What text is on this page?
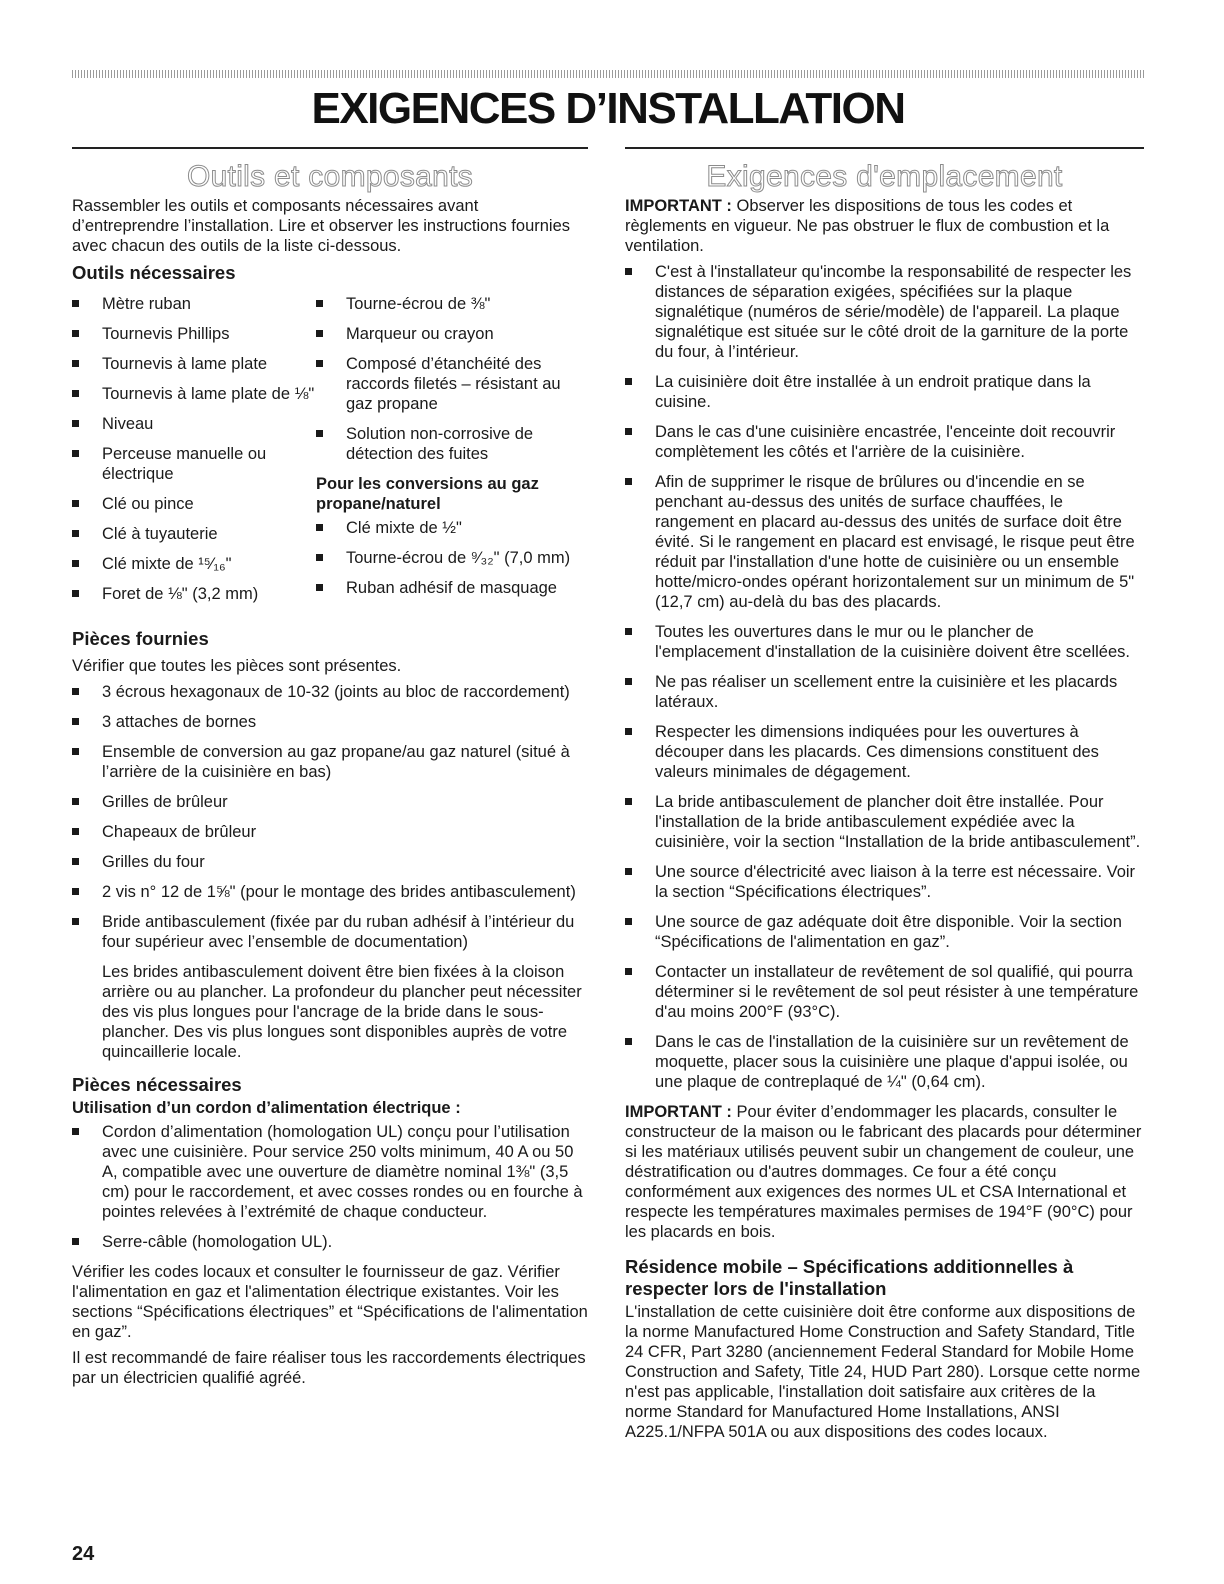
EXIGENCES D’INSTALLATION
Outils et composants

Rassembler les outils et composants nécessaires avant d’entreprendre l’installation. Lire et observer les instructions fournies avec chacun des outils de la liste ci-dessous.

Outils nécessaires
Mètre ruban
Tournevis Phillips
Tournevis à lame plate
Tournevis à lame plate de ⅛"
Niveau
Perceuse manuelle ou électrique
Clé ou pince
Clé à tuyauterie
Clé mixte de ¹⁵⁄₁₆"
Foret de ⅛" (3,2 mm)
Tourne-écrou de ⅜"
Marqueur ou crayon
Composé d’étanchéité des raccords filetés – résistant au gaz propane
Solution non-corrosive de détection des fuites
Pour les conversions au gaz propane/naturel
Clé mixte de ½"
Tourne-écrou de ⁹⁄₃₂" (7,0 mm)
Ruban adhésif de masquage
Pièces fournies

Vérifier que toutes les pièces sont présentes.

3 écrous hexagonaux de 10-32 (joints au bloc de raccordement)
3 attaches de bornes
Ensemble de conversion au gaz propane/au gaz naturel (situé à l’arrière de la cuisinière en bas)
Grilles de brûleur
Chapeaux de brûleur
Grilles du four
2 vis n° 12 de 1⅝" (pour le montage des brides antibasculement)
Bride antibasculement (fixée par du ruban adhésif à l’intérieur du four supérieur avec l’ensemble de documentation)

Les brides antibasculement doivent être bien fixées à la cloison arrière ou au plancher. La profondeur du plancher peut nécessiter des vis plus longues pour l'ancrage de la bride dans le sous-plancher. Des vis plus longues sont disponibles auprès de votre quincaillerie locale.

Pièces nécessaires
Utilisation d’un cordon d’alimentation électrique :
Cordon d’alimentation (homologation UL) conçu pour l’utilisation avec une cuisinière. Pour service 250 volts minimum, 40 A ou 50 A, compatible avec une ouverture de diamètre nominal 1⅜" (3,5 cm) pour le raccordement, et avec cosses rondes ou en fourche à pointes relevées à l’extrémité de chaque conducteur.
Serre-câble (homologation UL).

Vérifier les codes locaux et consulter le fournisseur de gaz. Vérifier l'alimentation en gaz et l'alimentation électrique existantes. Voir les sections “Spécifications électriques” et “Spécifications de l'alimentation en gaz”.

Il est recommandé de faire réaliser tous les raccordements électriques par un électricien qualifié agréé.

Exigences d'emplacement

IMPORTANT : Observer les dispositions de tous les codes et règlements en vigueur. Ne pas obstruer le flux de combustion et la ventilation.

C'est à l'installateur qu'incombe la responsabilité de respecter les distances de séparation exigées, spécifiées sur la plaque signalétique (numéros de série/modèle) de l'appareil. La plaque signalétique est située sur le côté droit de la garniture de la porte du four, à l’intérieur.
La cuisinière doit être installée à un endroit pratique dans la cuisine.
Dans le cas d'une cuisinière encastrée, l'enceinte doit recouvrir complètement les côtés et l'arrière de la cuisinière.
Afin de supprimer le risque de brûlures ou d'incendie en se penchant au-dessus des unités de surface chauffées, le rangement en placard au-dessus des unités de surface doit être évité. Si le rangement en placard est envisagé, le risque peut être réduit par l'installation d'une hotte de cuisinière ou un ensemble hotte/micro-ondes opérant horizontalement sur un minimum de 5" (12,7 cm) au-delà du bas des placards.
Toutes les ouvertures dans le mur ou le plancher de l'emplacement d'installation de la cuisinière doivent être scellées.
Ne pas réaliser un scellement entre la cuisinière et les placards latéraux.
Respecter les dimensions indiquées pour les ouvertures à découper dans les placards. Ces dimensions constituent des valeurs minimales de dégagement.
La bride antibasculement de plancher doit être installée. Pour l'installation de la bride antibasculement expédiée avec la cuisinière, voir la section “Installation de la bride antibasculement”.
Une source d'électricité avec liaison à la terre est nécessaire. Voir la section “Spécifications électriques”.
Une source de gaz adéquate doit être disponible. Voir la section “Spécifications de l'alimentation en gaz”.
Contacter un installateur de revêtement de sol qualifié, qui pourra déterminer si le revêtement de sol peut résister à une température d'au moins 200°F (93°C).
Dans le cas de l'installation de la cuisinière sur un revêtement de moquette, placer sous la cuisinière une plaque d'appui isolée, ou une plaque de contreplaqué de ¼" (0,64 cm).

IMPORTANT : Pour éviter d’endommager les placards, consulter le constructeur de la maison ou le fabricant des placards pour déterminer si les matériaux utilisés peuvent subir un changement de couleur, une déstratification ou d'autres dommages. Ce four a été conçu conformément aux exigences des normes UL et CSA International et respecte les températures maximales permises de 194°F (90°C) pour les placards en bois.

Résidence mobile – Spécifications additionnelles à respecter lors de l'installation

L'installation de cette cuisinière doit être conforme aux dispositions de la norme Manufactured Home Construction and Safety Standard, Title 24 CFR, Part 3280 (anciennement Federal Standard for Mobile Home Construction and Safety, Title 24, HUD Part 280). Lorsque cette norme n'est pas applicable, l'installation doit satisfaire aux critères de la norme Standard for Manufactured Home Installations, ANSI A225.1/NFPA 501A ou aux dispositions des codes locaux.

24
